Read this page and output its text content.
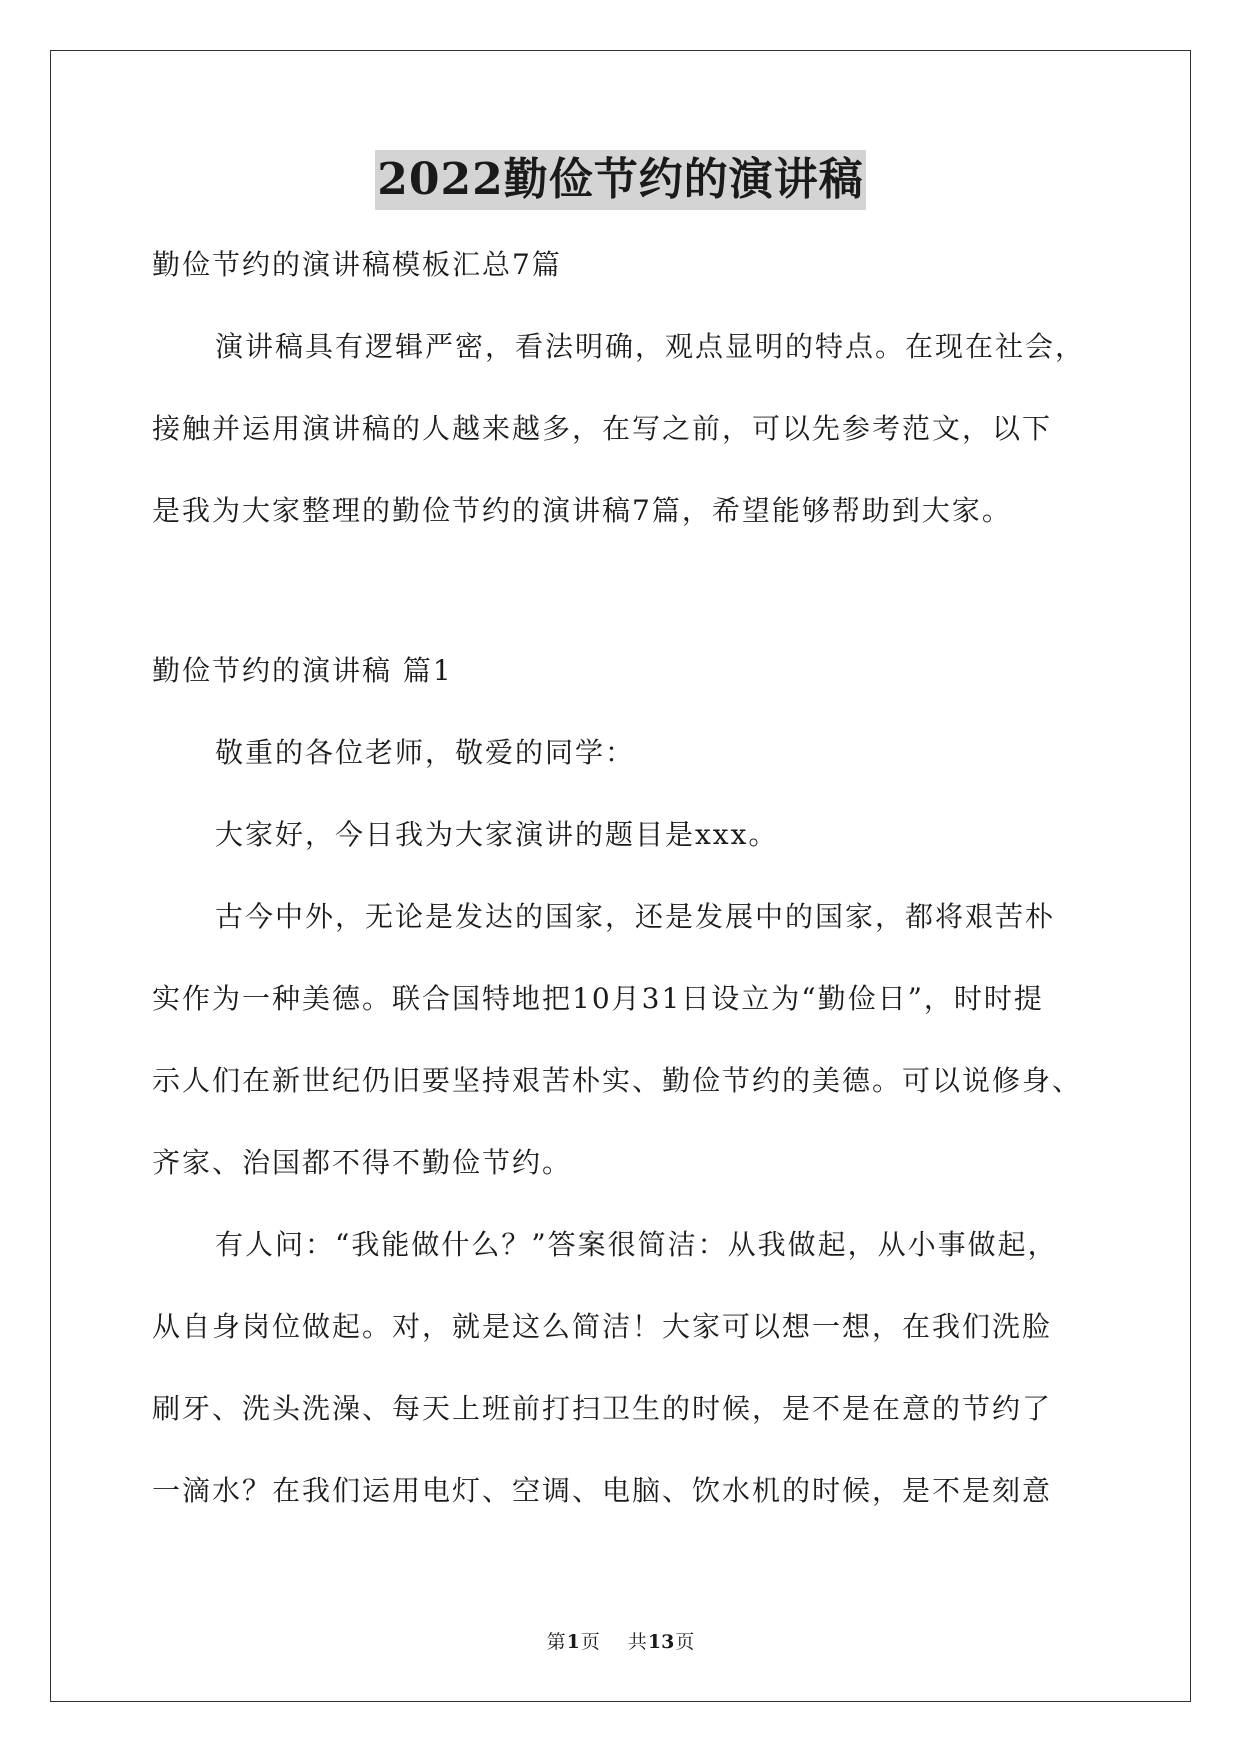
2022勤俭节约的演讲稿
勤俭节约的演讲稿模板汇总7篇
演讲稿具有逻辑严密，看法明确，观点显明的特点。在现在社会，
接触并运用演讲稿的人越来越多，在写之前，可以先参考范文，以下
是我为大家整理的勤俭节约的演讲稿7篇，希望能够帮助到大家。
勤俭节约的演讲稿 篇1
敬重的各位老师，敬爱的同学：
大家好，今日我为大家演讲的题目是xxx。
古今中外，无论是发达的国家，还是发展中的国家，都将艰苦朴
实作为一种美德。联合国特地把10月31日设立为“勤俭日”，时时提
示人们在新世纪仍旧要坚持艰苦朴实、勤俭节约的美德。可以说修身、
齐家、治国都不得不勤俭节约。
有人问：“我能做什么？”答案很简洁：从我做起，从小事做起，
从自身岗位做起。对，就是这么简洁！大家可以想一想，在我们洗脸
刷牙、洗头洗澡、每天上班前打扫卫生的时候，是不是在意的节约了
一滴水？在我们运用电灯、空调、电脑、饮水机的时候，是不是刻意
第1页 共13页
